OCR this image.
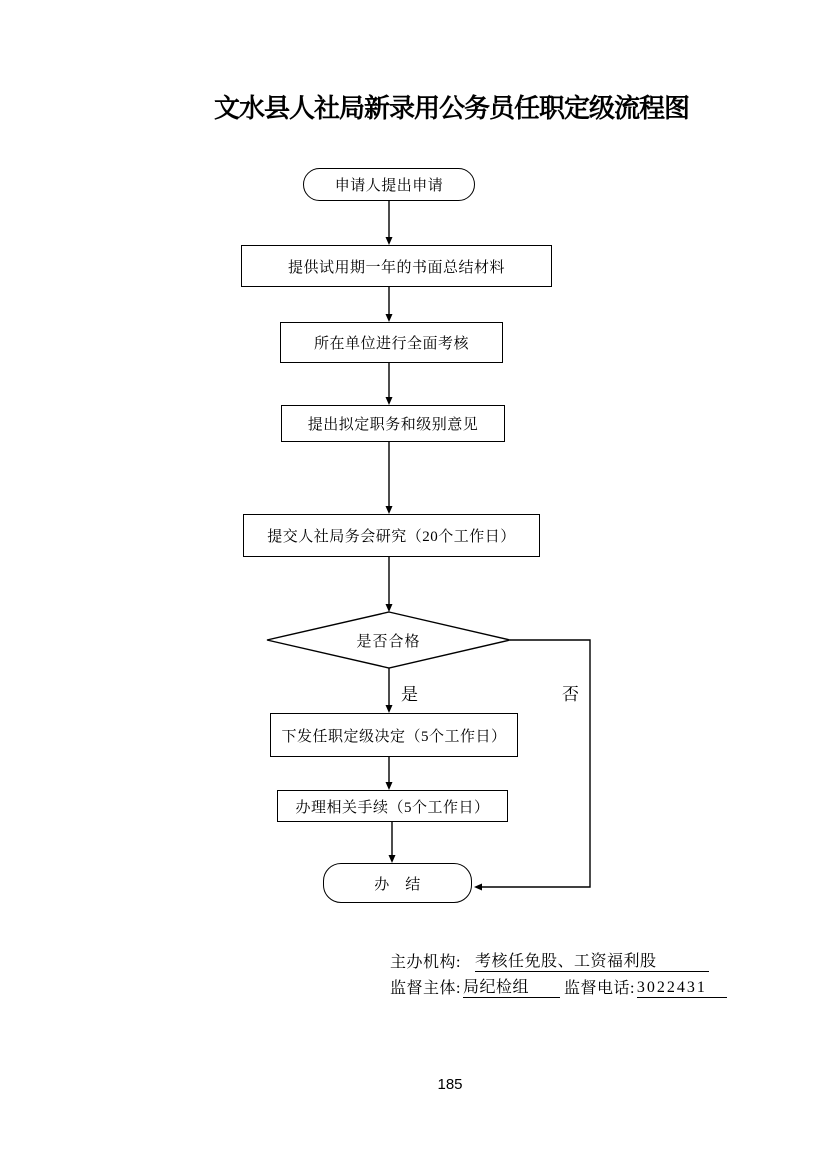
文水县人社局新录用公务员任职定级流程图
申请人提出申请
提供试用期一年的书面总结材料
所在单位进行全面考核
提出拟定职务和级别意见
提交人社局务会研究（20个工作日）
是否合格
下发任职定级决定（5个工作日）
办理相关手续（5个工作日）
办　结
是	否
主办机构: 考核任免股、工资福利股
监督主体: 局纪检组	监督电话: 3022431
185
